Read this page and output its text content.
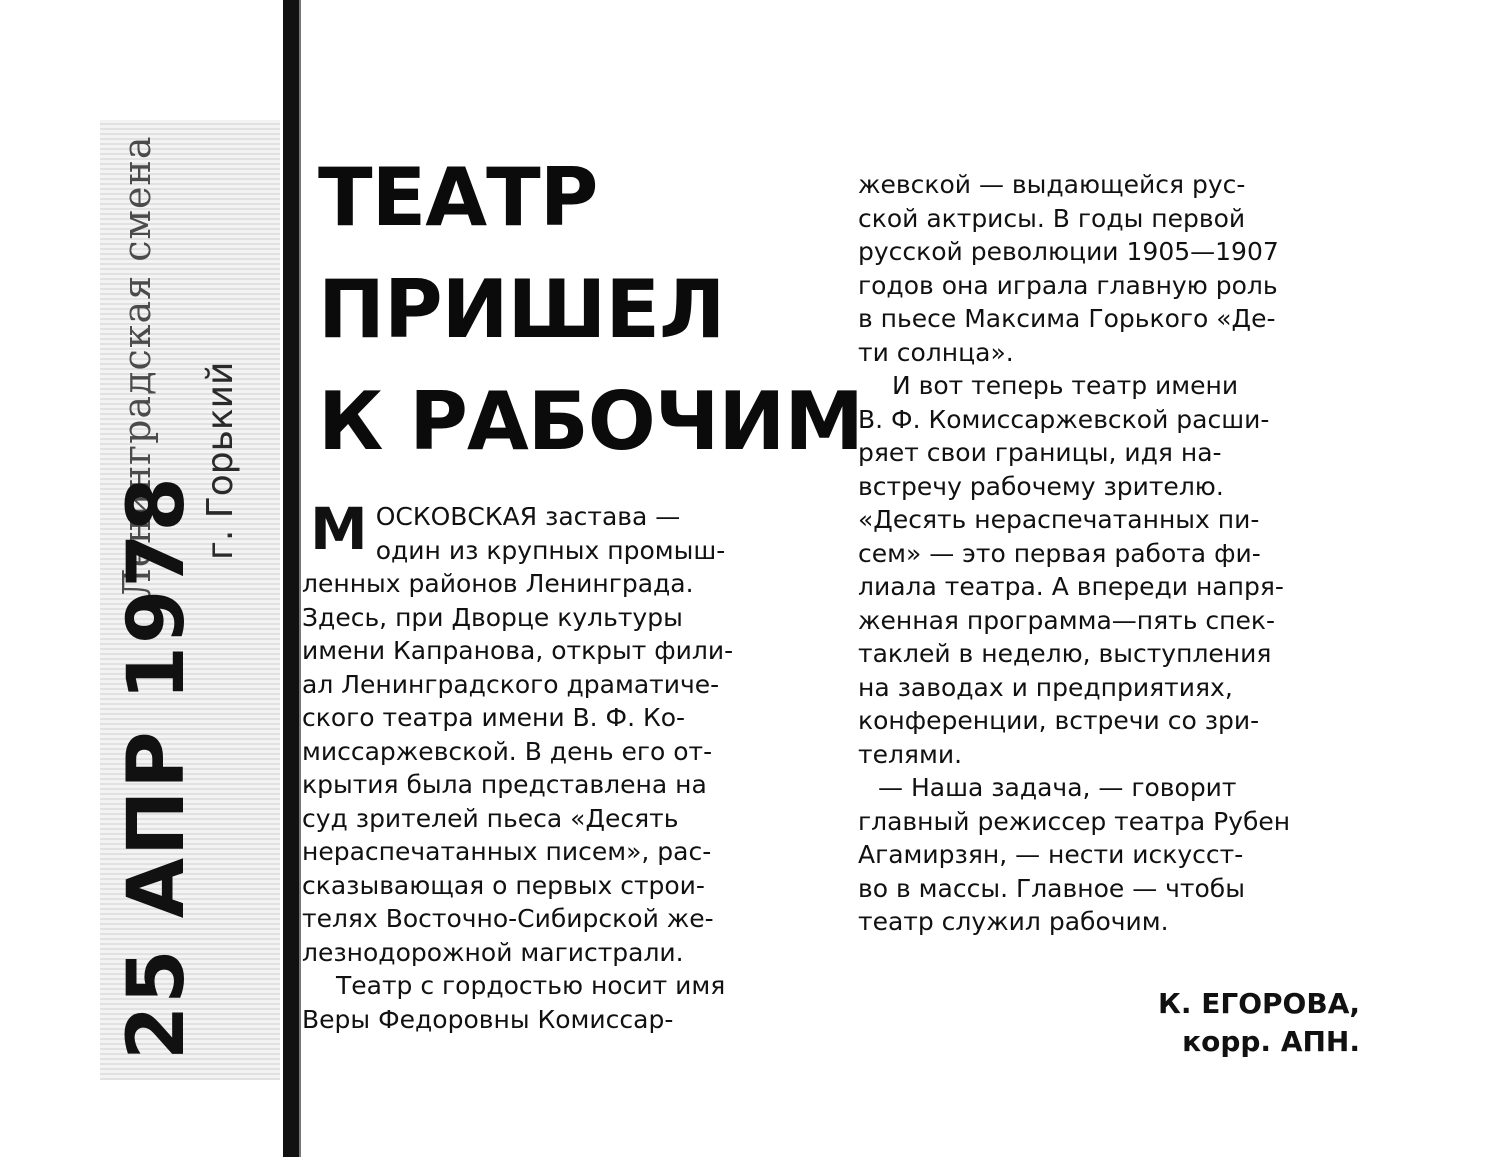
Ленинградская смена	г. Горький
25 АПР 1978
ТЕАТР
ПРИШЕЛ
К РАБОЧИМ

М ОСКОВСКАЯ застава —
один из крупных промыш-
ленных районов Ленинграда.
Здесь, при Дворце культуры
имени Капранова, открыт фили-
ал Ленинградского драматиче-
ского театра имени В. Ф. Ко-
миссаржевской. В день его от-
крытия была представлена на
суд зрителей пьеса «Десять
нераспечатанных писем», рас-
сказывающая о первых строи-
телях Восточно-Сибирской же-
лезнодорожной магистрали.

Театр с гордостью носит имя
Веры Федоровны Комиссар-

жевской — выдающейся рус-
ской актрисы. В годы первой
русской революции 1905—1907
годов она играла главную роль
в пьесе Максима Горького «Де-
ти солнца».

И вот теперь театр имени
В. Ф. Комиссаржевской расши-
ряет свои границы, идя на-
встречу рабочему зрителю.
«Десять нераспечатанных пи-
сем» — это первая работа фи-
лиала театра. А впереди напря-
женная программа—пять спек-
таклей в неделю, выступления
на заводах и предприятиях,
конференции, встречи со зри-
телями.

— Наша задача, — говорит
главный режиссер театра Рубен
Агамирзян, — нести искусст-
во в массы. Главное — чтобы
театр служил рабочим.

К. ЕГОРОВА,
корр. АПН.
